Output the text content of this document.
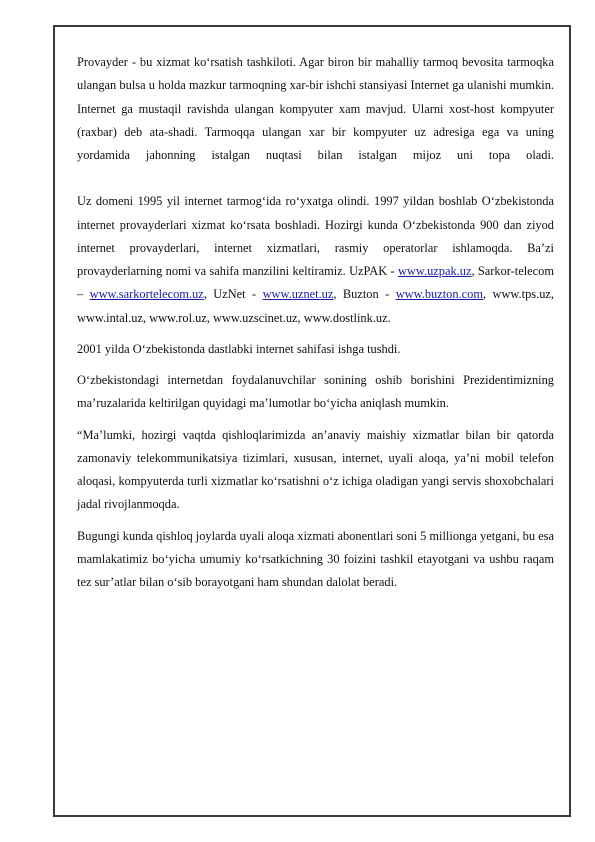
Provayder - bu xizmat ko‘rsatish tashkiloti. Agar biron bir mahalliy tarmoq bevosita tarmoqka ulangan bulsa u holda mazkur tarmoqning xar-bir ishchi stansiyasi Internet ga ulanishi mumkin. Internet ga mustaqil ravishda ulangan kompyuter xam mavjud. Ularni xost-host kompyuter (raxbar) deb ata-shadi. Tarmoqqa ulangan xar bir kompyuter uz adresiga ega va uning yordamida jahonning istalgan nuqtasi bilan istalgan mijoz uni topa oladi.

Uz domeni 1995 yil internet tarmog‘ida ro‘yxatga olindi. 1997 yildan boshlab O‘zbekistonda internet provayderlari xizmat ko‘rsata boshladi. Hozirgi kunda O‘zbekistonda 900 dan ziyod internet provayderlari, internet xizmatlari, rasmiy operatorlar ishlamoqda. Ba’zi provayderlarning nomi va sahifa manzilini keltiramiz. UzPAK - www.uzpak.uz, Sarkor-telecom – www.sarkortelecom.uz, UzNet - www.uznet.uz, Buzton - www.buzton.com, www.tps.uz, www.intal.uz, www.rol.uz, www.uzscinet.uz, www.dostlink.uz.

2001 yilda O‘zbekistonda dastlabki internet sahifasi ishga tushdi.

O‘zbekistondagi internetdan foydalanuvchilar sonining oshib borishini Prezidentimizning ma’ruzalarida keltirilgan quyidagi ma’lumotlar bo‘yicha aniqlash mumkin.

“Ma’lumki, hozirgi vaqtda qishloqlarimizda an’anaviy maishiy xizmatlar bilan bir qatorda zamonaviy telekommunikatsiya tizimlari, xususan, internet, uyali aloqa, ya’ni mobil telefon aloqasi, kompyuterda turli xizmatlar ko‘rsatishni o‘z ichiga oladigan yangi servis shoxobchalari jadal rivojlanmoqda.

Bugungi kunda qishloq joylarda uyali aloqa xizmati abonentlari soni 5 millionga yetgani, bu esa mamlakatimiz bo‘yicha umumiy ko‘rsatkichning 30 foizini tashkil etayotgani va ushbu raqam tez sur’atlar bilan o‘sib borayotgani ham shundan dalolat beradi.
